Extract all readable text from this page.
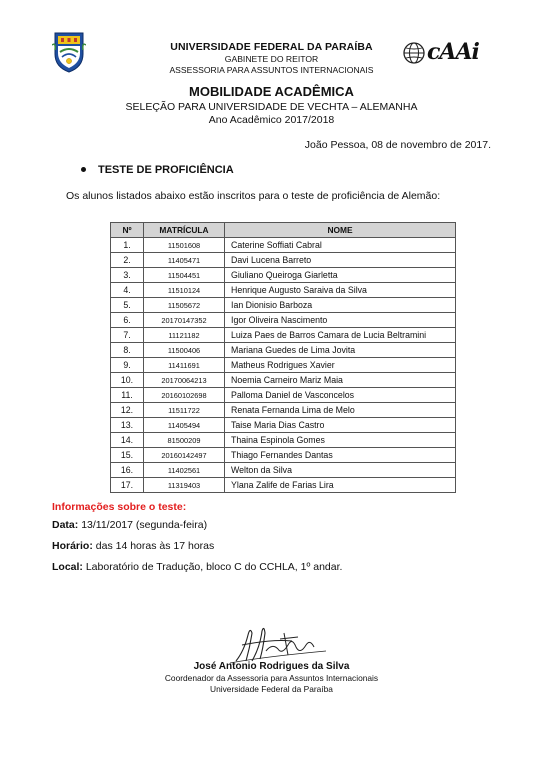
cAAi
UNIVERSIDADE FEDERAL DA PARAÍBA
GABINETE DO REITOR
ASSESSORIA PARA ASSUNTOS INTERNACIONAIS
MOBILIDADE ACADÊMICA
SELEÇÃO PARA UNIVERSIDADE DE VECHTA – ALEMANHA
Ano Acadêmico 2017/2018
João Pessoa, 08 de novembro de 2017.
TESTE DE PROFICIÊNCIA
Os alunos listados abaixo estão inscritos para o teste de proficiência de Alemão:
Nº	MATRÍCULA	NOME
1.	11501608	Caterine Soffiati Cabral
2.	11405471	Davi Lucena Barreto
3.	11504451	Giuliano Queiroga Giarletta
4.	11510124	Henrique Augusto Saraiva da Silva
5.	11505672	Ian Dionisio Barboza
6.	20170147352	Igor Oliveira Nascimento
7.	11121182	Luiza Paes de Barros Camara de Lucia Beltramini
8.	11500406	Mariana Guedes de Lima Jovita
9.	11411691	Matheus Rodrigues Xavier
10.	20170064213	Noemia Carneiro Mariz Maia
11.	20160102698	Palloma Daniel de Vasconcelos
12.	11511722	Renata Fernanda Lima de Melo
13.	11405494	Taise Maria Dias Castro
14.	81500209	Thaina Espinola Gomes
15.	20160142497	Thiago Fernandes Dantas
16.	11402561	Welton da Silva
17.	11319403	Ylana Zalife de Farias Lira
Informações sobre o teste:
Data: 13/11/2017 (segunda-feira)
Horário: das 14 horas às 17 horas
Local: Laboratório de Tradução, bloco C do CCHLA, 1º andar.
José Antonio Rodrigues da Silva
Coordenador da Assessoria para Assuntos Internacionais
Universidade Federal da Paraíba
